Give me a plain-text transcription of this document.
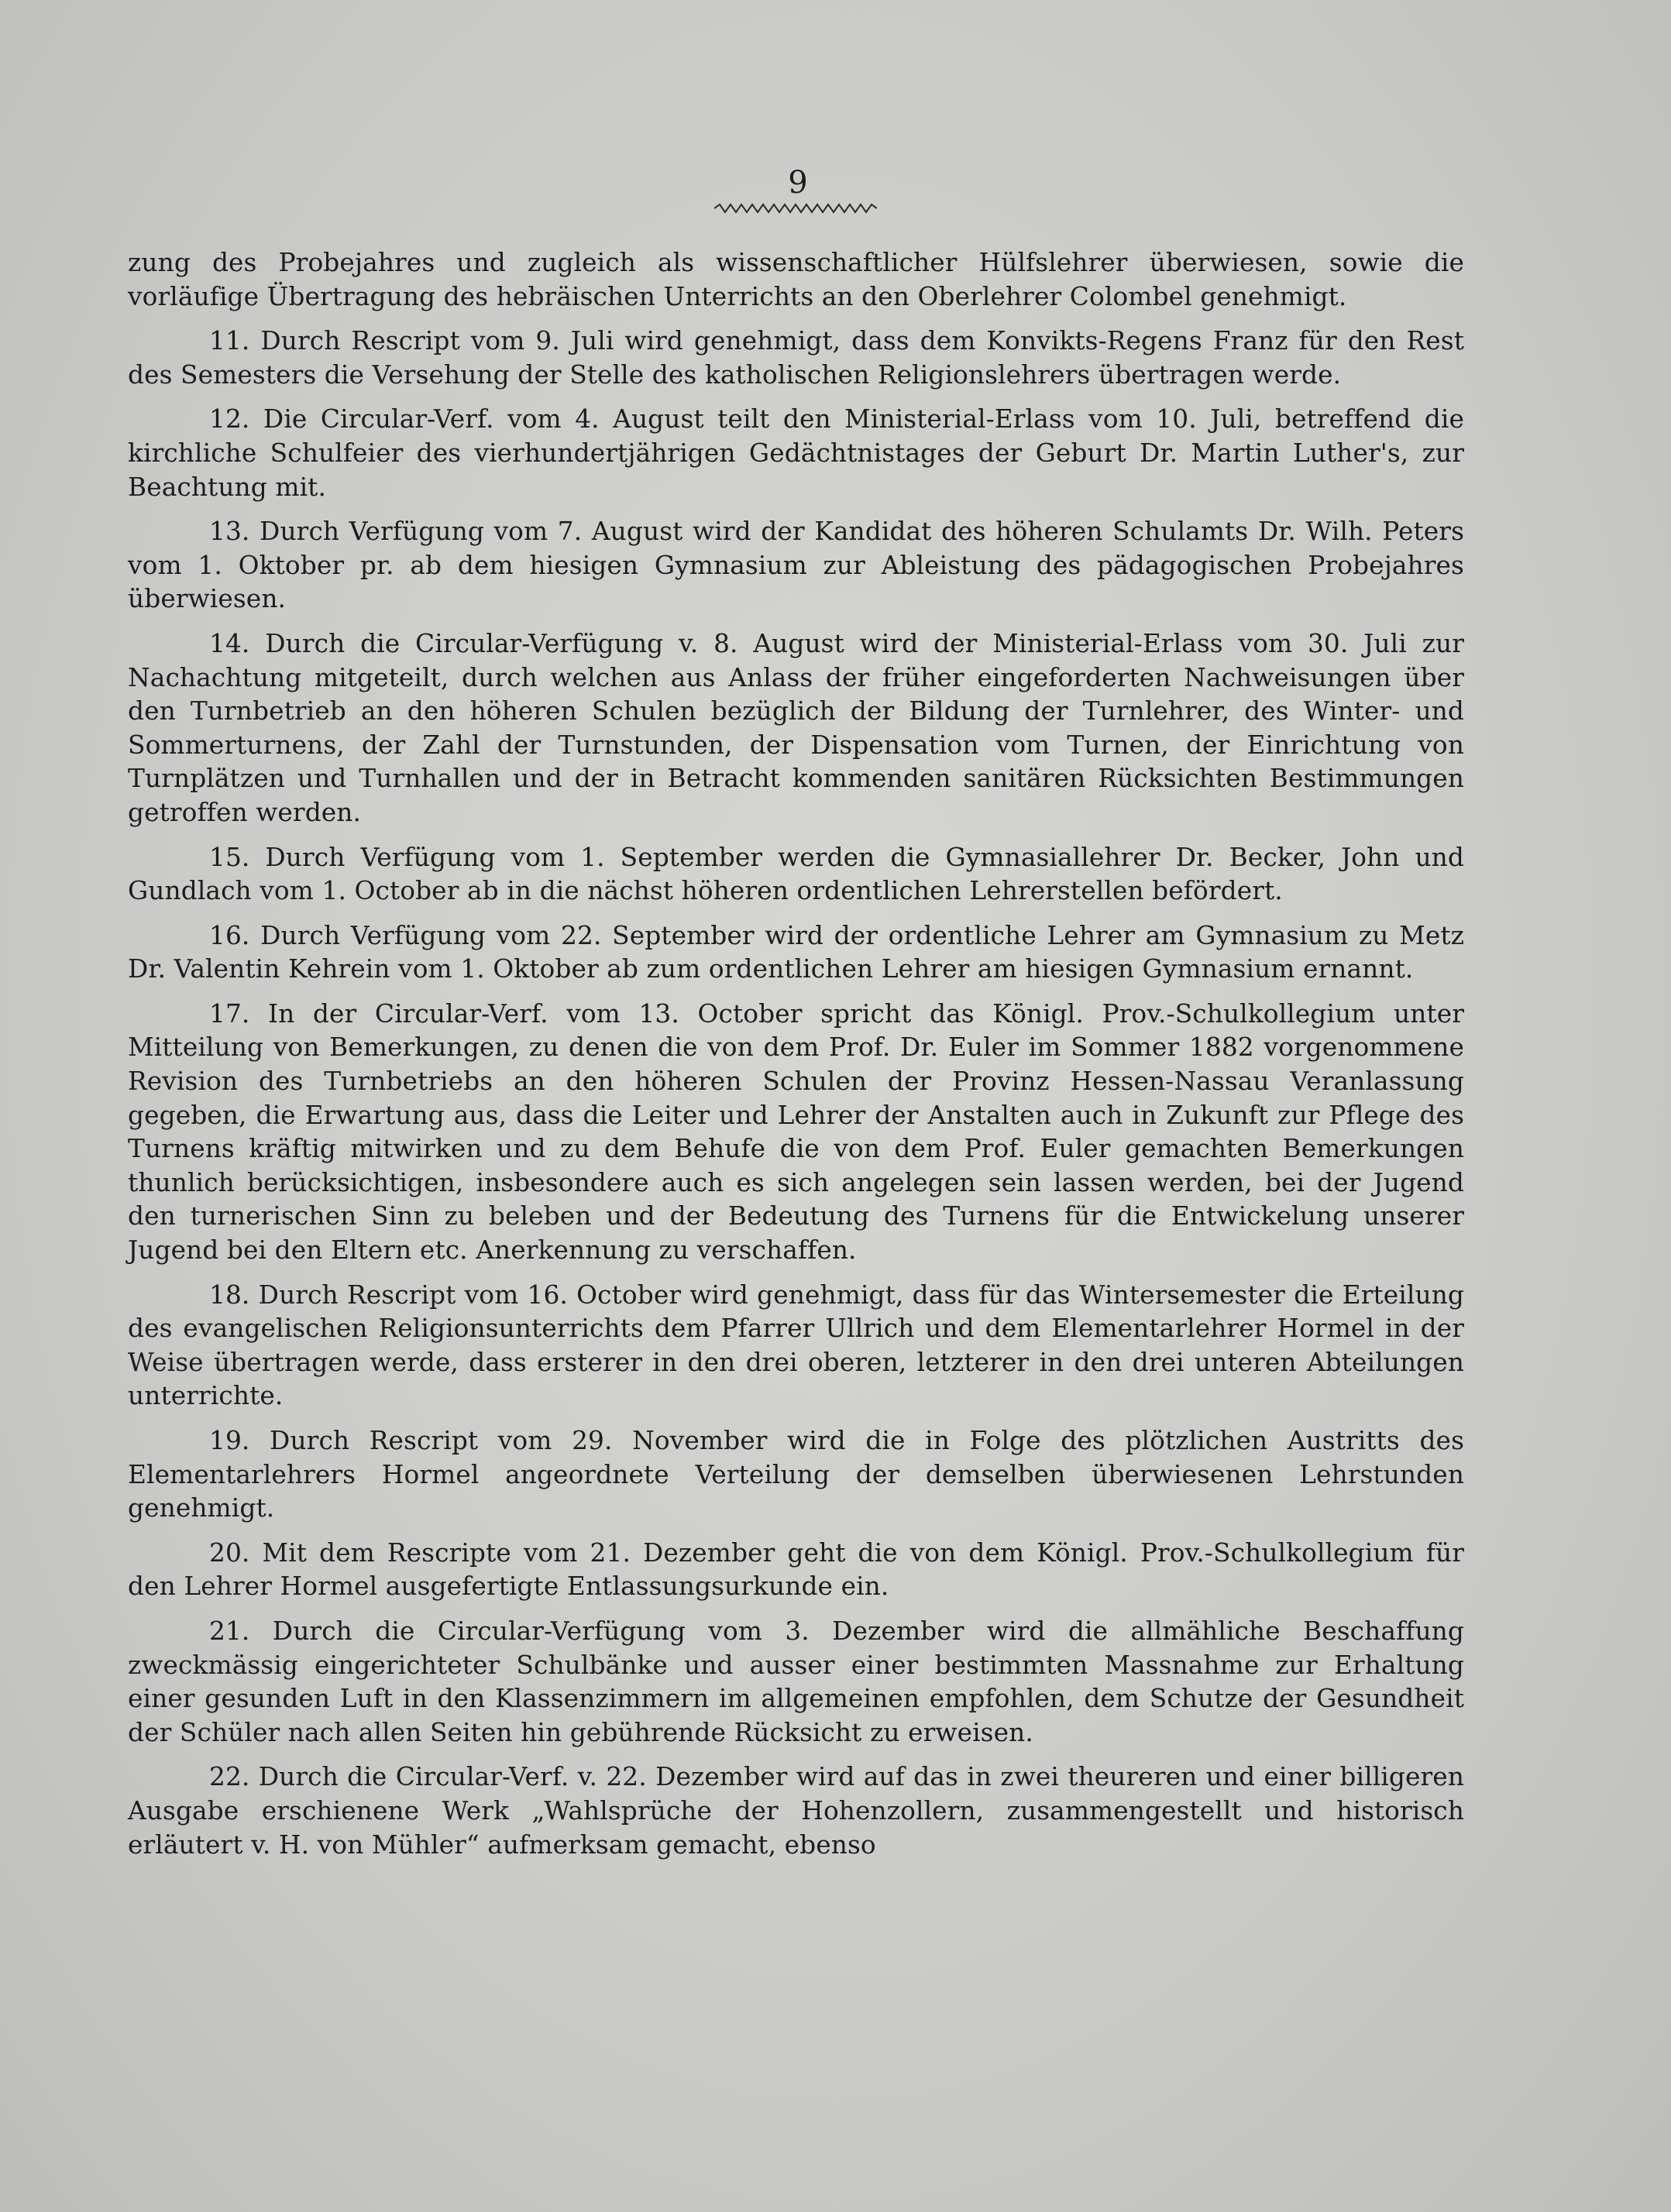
9

zung des Probejahres und zugleich als wissenschaftlicher Hülfslehrer überwiesen, sowie die vorläufige Übertragung des hebräischen Unterrichts an den Oberlehrer Colombel genehmigt.

11. Durch Rescript vom 9. Juli wird genehmigt, dass dem Konvikts-Regens Franz für den Rest des Semesters die Versehung der Stelle des katholischen Religionslehrers übertragen werde.

12. Die Circular-Verf. vom 4. August teilt den Ministerial-Erlass vom 10. Juli, betreffend die kirchliche Schulfeier des vierhundertjährigen Gedächtnistages der Geburt Dr. Martin Luther's, zur Beachtung mit.

13. Durch Verfügung vom 7. August wird der Kandidat des höheren Schulamts Dr. Wilh. Peters vom 1. Oktober pr. ab dem hiesigen Gymnasium zur Ableistung des pädagogischen Probejahres überwiesen.

14. Durch die Circular-Verfügung v. 8. August wird der Ministerial-Erlass vom 30. Juli zur Nachachtung mitgeteilt, durch welchen aus Anlass der früher eingeforderten Nachweisungen über den Turnbetrieb an den höheren Schulen bezüglich der Bildung der Turnlehrer, des Winter- und Sommerturnens, der Zahl der Turnstunden, der Dispensation vom Turnen, der Einrichtung von Turnplätzen und Turnhallen und der in Betracht kommenden sanitären Rücksichten Bestimmungen getroffen werden.

15. Durch Verfügung vom 1. September werden die Gymnasiallehrer Dr. Becker, John und Gundlach vom 1. October ab in die nächst höheren ordentlichen Lehrerstellen befördert.

16. Durch Verfügung vom 22. September wird der ordentliche Lehrer am Gymnasium zu Metz Dr. Valentin Kehrein vom 1. Oktober ab zum ordentlichen Lehrer am hiesigen Gymnasium ernannt.

17. In der Circular-Verf. vom 13. October spricht das Königl. Prov.-Schulkollegium unter Mitteilung von Bemerkungen, zu denen die von dem Prof. Dr. Euler im Sommer 1882 vorgenommene Revision des Turnbetriebs an den höheren Schulen der Provinz Hessen-Nassau Veranlassung gegeben, die Erwartung aus, dass die Leiter und Lehrer der Anstalten auch in Zukunft zur Pflege des Turnens kräftig mitwirken und zu dem Behufe die von dem Prof. Euler gemachten Bemerkungen thunlich berücksichtigen, insbesondere auch es sich angelegen sein lassen werden, bei der Jugend den turnerischen Sinn zu beleben und der Bedeutung des Turnens für die Entwickelung unserer Jugend bei den Eltern etc. Anerkennung zu verschaffen.

18. Durch Rescript vom 16. October wird genehmigt, dass für das Wintersemester die Erteilung des evangelischen Religionsunterrichts dem Pfarrer Ullrich und dem Elementarlehrer Hormel in der Weise übertragen werde, dass ersterer in den drei oberen, letzterer in den drei unteren Abteilungen unterrichte.

19. Durch Rescript vom 29. November wird die in Folge des plötzlichen Austritts des Elementarlehrers Hormel angeordnete Verteilung der demselben überwiesenen Lehrstunden genehmigt.

20. Mit dem Rescripte vom 21. Dezember geht die von dem Königl. Prov.-Schulkollegium für den Lehrer Hormel ausgefertigte Entlassungsurkunde ein.

21. Durch die Circular-Verfügung vom 3. Dezember wird die allmähliche Beschaffung zweckmässig eingerichteter Schulbänke und ausser einer bestimmten Massnahme zur Erhaltung einer gesunden Luft in den Klassenzimmern im allgemeinen empfohlen, dem Schutze der Gesundheit der Schüler nach allen Seiten hin gebührende Rücksicht zu erweisen.

22. Durch die Circular-Verf. v. 22. Dezember wird auf das in zwei theureren und einer billigeren Ausgabe erschienene Werk „Wahlsprüche der Hohenzollern, zusammengestellt und historisch erläutert v. H. von Mühler“ aufmerksam gemacht, ebenso
